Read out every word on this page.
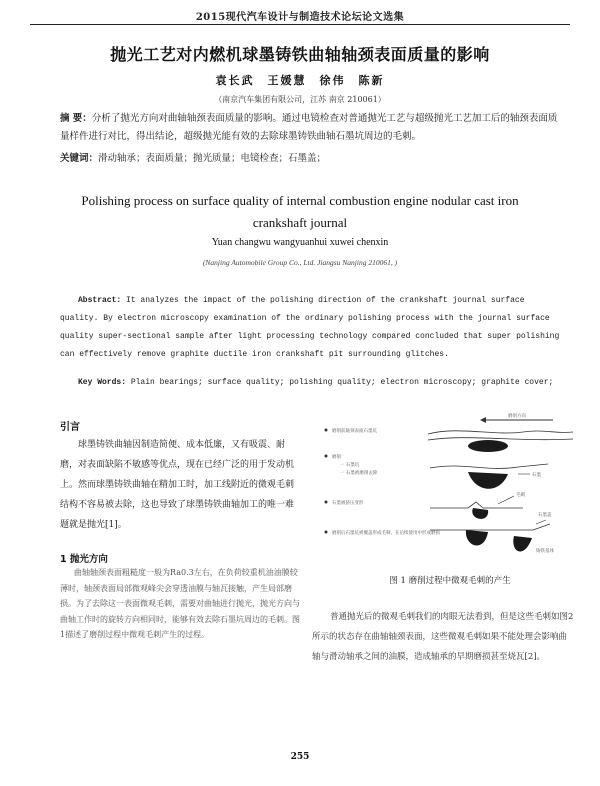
2015现代汽车设计与制造技术论坛论文选集
抛光工艺对内燃机球墨铸铁曲轴轴颈表面质量的影响
袁长武　王媛慧　徐伟　陈新
（南京汽车集团有限公司，江苏 南京 210061）
摘 要：分析了抛光方向对曲轴轴颈表面质量的影响。通过电镜检查对普通抛光工艺与超级抛光工艺加工后的轴颈表面质量样件进行对比，得出结论，超级抛光能有效的去除球墨铸铁曲轴石墨坑周边的毛刺。
关键词：滑动轴承；表面质量；抛光质量；电镜检查；石墨盖；
Polishing process on surface quality of internal combustion engine nodular cast iron crankshaft journal
Yuan changwu wangyuanhui xuwei chenxin
(Nanjing Automobile Group Co., Ltd. Jiangsu Nanjing 210061, )
Abstract: It analyzes the impact of the polishing direction of the crankshaft journal surface quality. By electron microscopy examination of the ordinary polishing process with the journal surface quality super-sectional sample after light processing technology compared concluded that super polishing can effectively remove graphite ductile iron crankshaft pit surrounding glitches.
Key Words: Plain bearings; surface quality; polishing quality; electron microscopy; graphite cover;
引言
球墨铸铁曲轴因制造简便、成本低廉，又有吸震、耐磨，对表面缺陷不敏感等优点，现在已经广泛的用于发动机上。然而球墨铸铁曲轴在精加工时，加工线附近的微观毛刺结构不容易被去除，这也导致了球墨铸铁曲轴加工的唯一难题就是抛光[1]。
1 抛光方向
曲轴轴颈表面粗糙度一般为Ra0.3左右，在负荷较重机油油膜较薄时，轴颈表面局部微观峰尖会穿透油膜与轴瓦接触，产生局部磨损。为了去除这一表面微观毛刺，需要对曲轴进行抛光，抛光方向与曲轴工作时的旋转方向相同时，能够有效去除石墨坑周边的毛刺。图1描述了磨削过程中微观毛刺产生的过程。
磨削方向
磨削前轴颈表面石墨坑
磨削：
一 石墨坑
一 石墨被磨削去除	石墨
石墨被挤压变形
毛刺
磨削后石墨坑被覆盖形成毛刺，在后续使用中形成磨损
石墨盖
铸铁基体
图 1 磨削过程中微观毛刺的产生
普通抛光后的微观毛刺我们的肉眼无法看到，但是这些毛刺如图2所示的状态存在曲轴轴颈表面，这些微观毛刺如果不能处理会影响曲轴与滑动轴承之间的油膜，造成轴承的早期磨损甚至烧瓦[2]。
255
